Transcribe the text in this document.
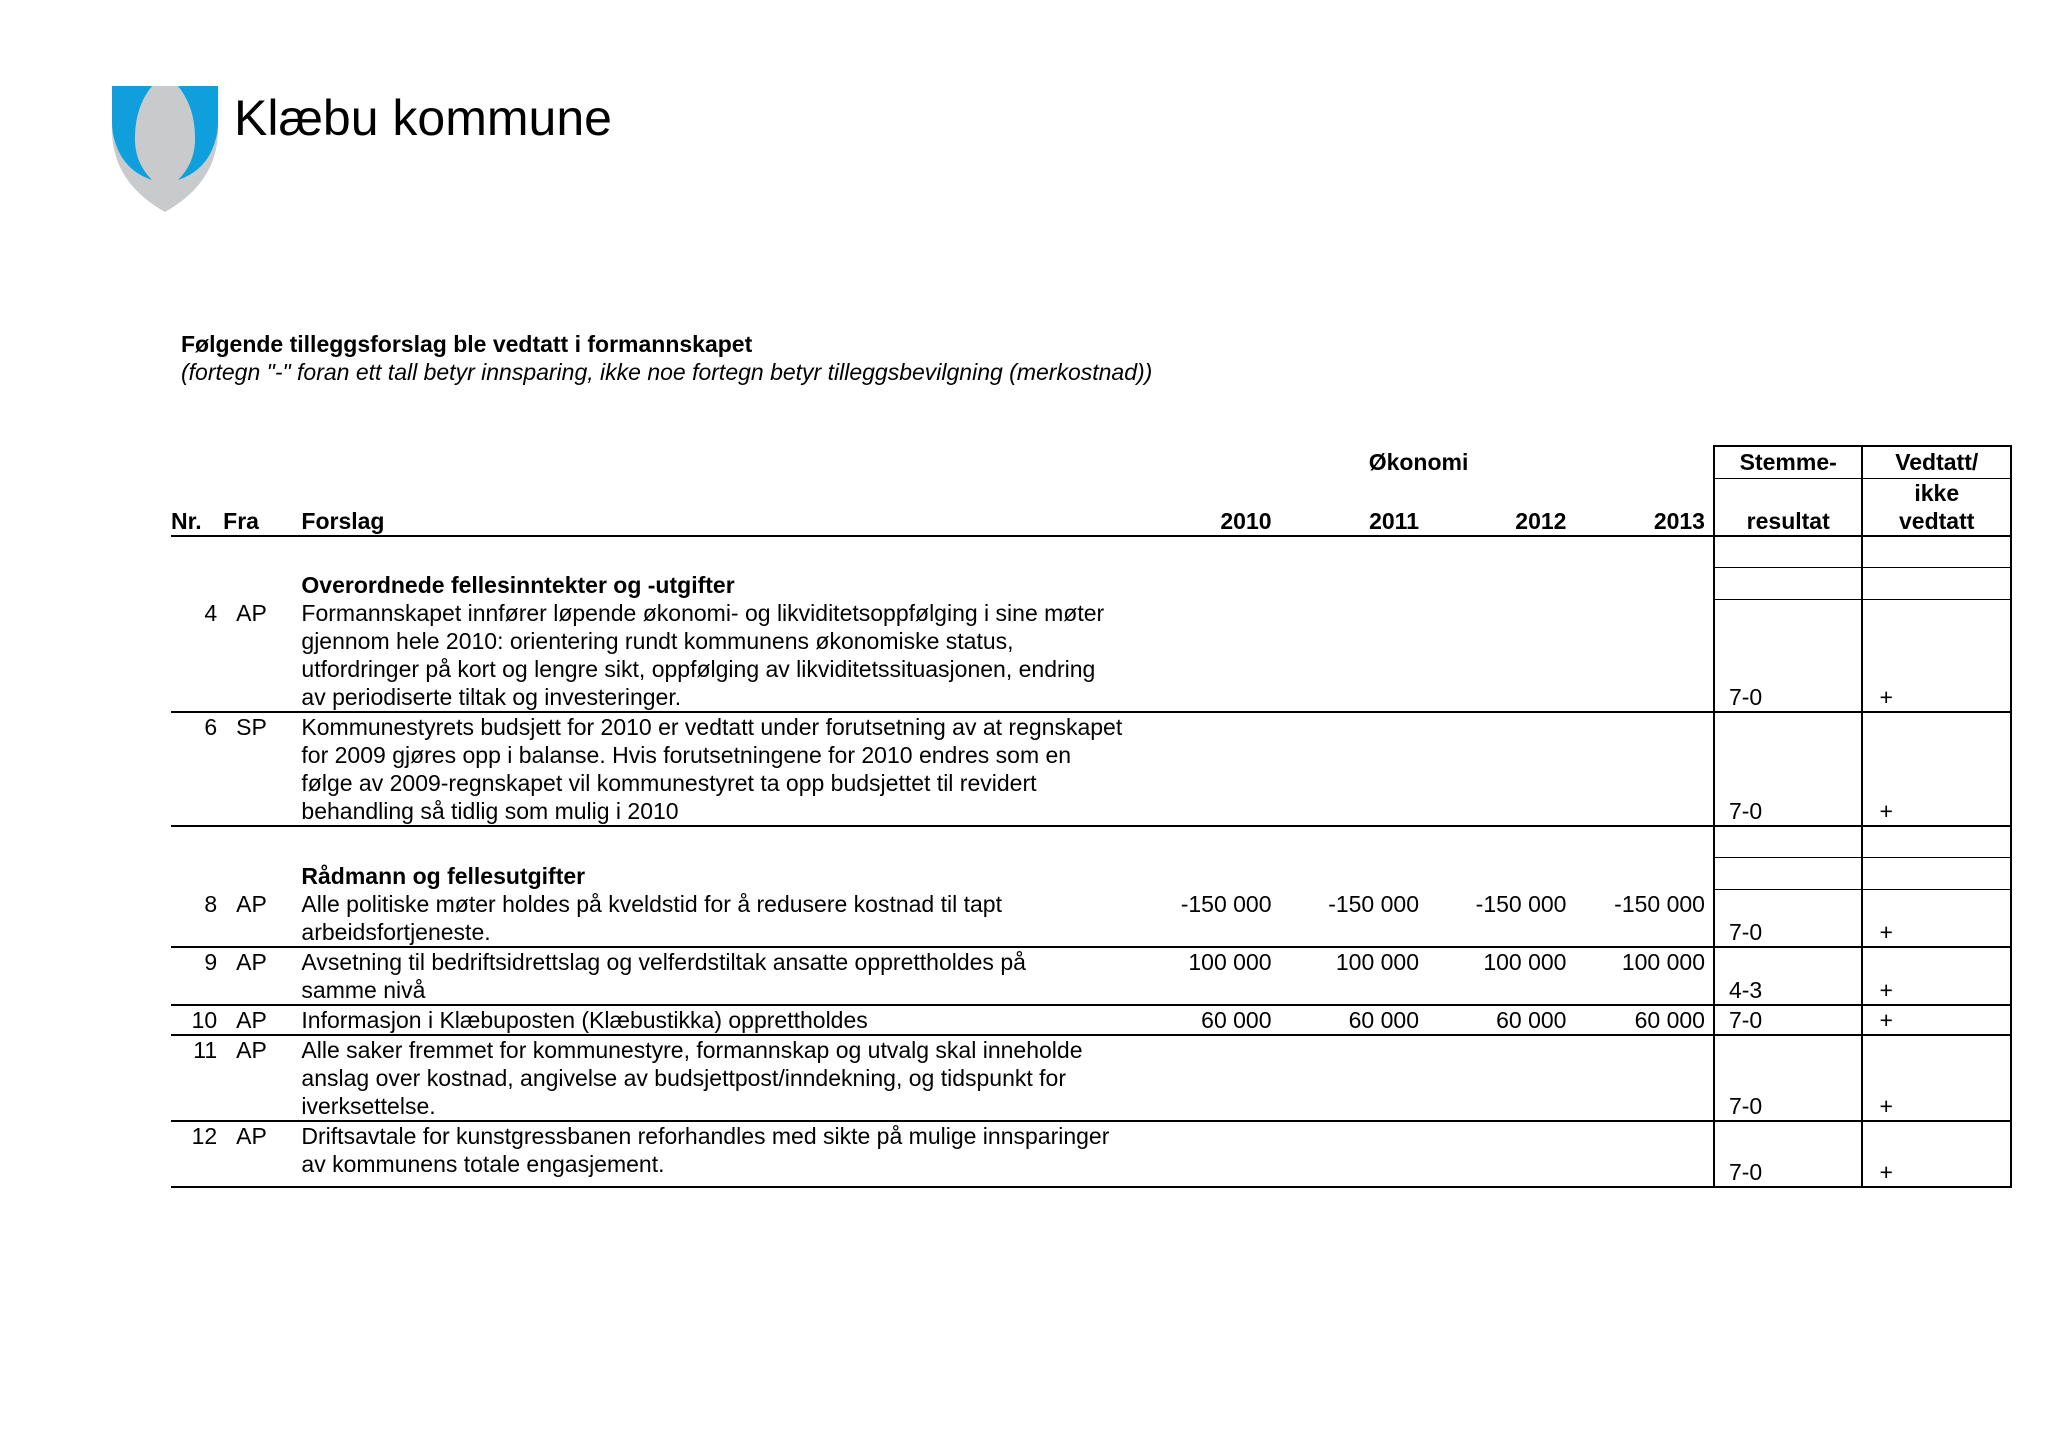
Klæbu kommune
Følgende tilleggsforslag ble vedtatt i formannskapet
(fortegn "-" foran ett tall betyr innsparing, ikke noe fortegn betyr tilleggsbevilgning (merkostnad))
			Økonomi				Stemme-	Vedtatt/
Nr.	Fra	Forslag	2010	2011	2012	2013	resultat	ikke
vedtatt

		Overordnede fellesinntekter og -utgifter						
4	AP	Formannskapet innfører løpende økonomi- og likviditetsoppfølging i sine møter gjennom hele 2010: orientering rundt kommunens økonomiske status, utfordringer på kort og lengre sikt, oppfølging av likviditetssituasjonen, endring av periodiserte tiltak og investeringer.					7-0	+
6	SP	Kommunestyrets budsjett for 2010 er vedtatt under forutsetning av at regnskapet for 2009 gjøres opp i balanse. Hvis forutsetningene for 2010 endres som en følge av 2009-regnskapet vil kommunestyret ta opp budsjettet til revidert behandling så tidlig som mulig i 2010					7-0	+

		Rådmann og fellesutgifter						
8	AP	Alle politiske møter holdes på kveldstid for å redusere kostnad til tapt arbeidsfortjeneste.	-150 000	-150 000	-150 000	-150 000	7-0	+
9	AP	Avsetning til bedriftsidrettslag og velferdstiltak ansatte opprettholdes på samme nivå	100 000	100 000	100 000	100 000	4-3	+
10	AP	Informasjon i Klæbuposten (Klæbustikka) opprettholdes	60 000	60 000	60 000	60 000	7-0	+
11	AP	Alle saker fremmet for kommunestyre, formannskap og utvalg skal inneholde anslag over kostnad, angivelse av budsjettpost/inndekning, og tidspunkt for iverksettelse.					7-0	+
12	AP	Driftsavtale for kunstgressbanen reforhandles med sikte på mulige innsparinger av kommunens totale engasjement.					7-0	+
